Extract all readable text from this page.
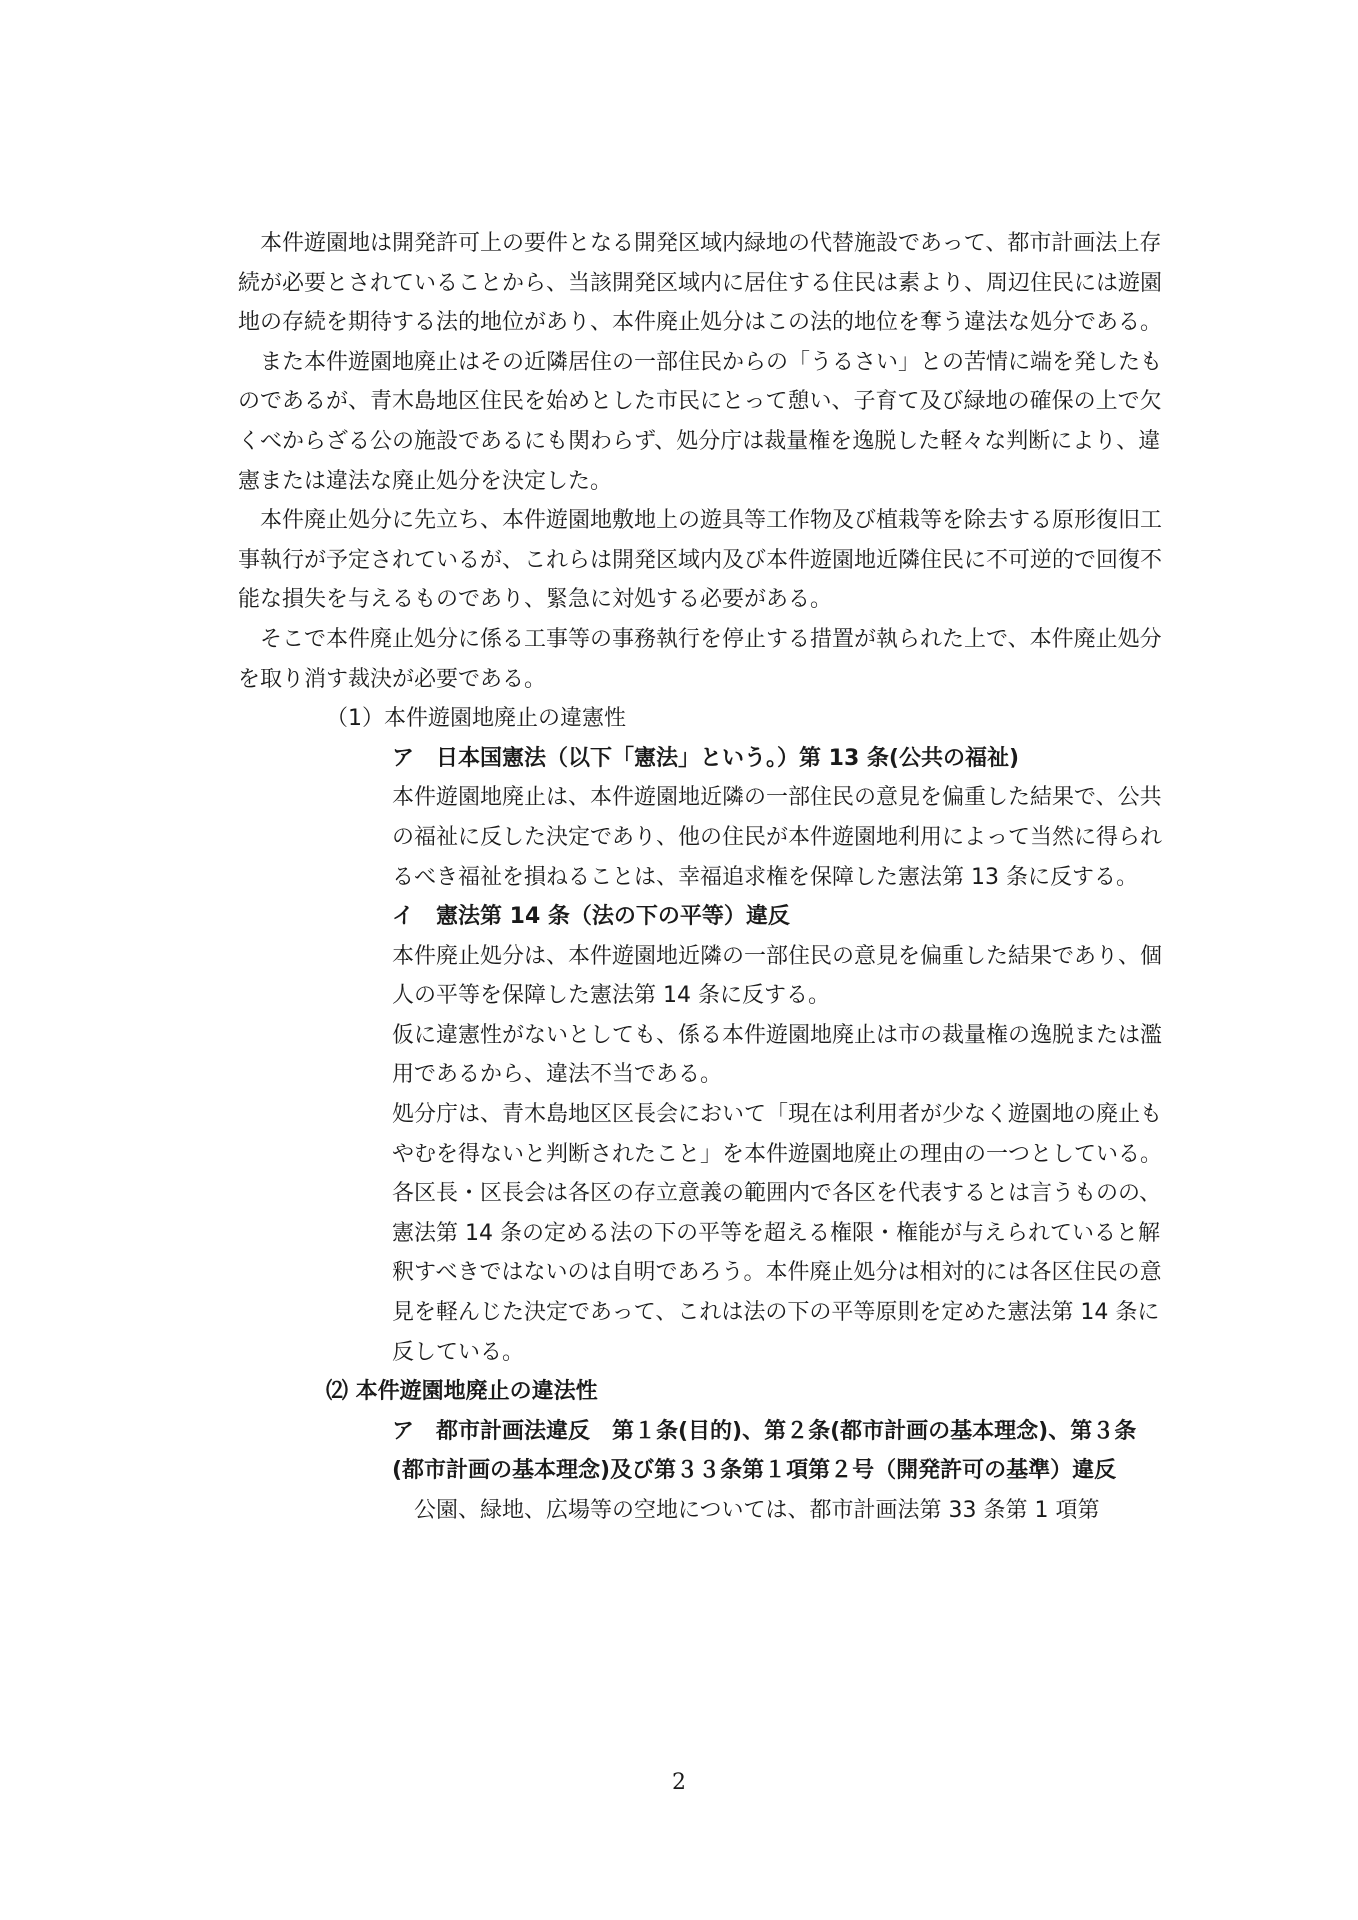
本件遊園地は開発許可上の要件となる開発区域内緑地の代替施設であって、都市計画法上存続が必要とされていることから、当該開発区域内に居住する住民は素より、周辺住民には遊園地の存続を期待する法的地位があり、本件廃止処分はこの法的地位を奪う違法な処分である。

また本件遊園地廃止はその近隣居住の一部住民からの「うるさい」との苦情に端を発したものであるが、青木島地区住民を始めとした市民にとって憩い、子育て及び緑地の確保の上で欠くべからざる公の施設であるにも関わらず、処分庁は裁量権を逸脱した軽々な判断により、違憲または違法な廃止処分を決定した。

本件廃止処分に先立ち、本件遊園地敷地上の遊具等工作物及び植栽等を除去する原形復旧工事執行が予定されているが、これらは開発区域内及び本件遊園地近隣住民に不可逆的で回復不能な損失を与えるものであり、緊急に対処する必要がある。

そこで本件廃止処分に係る工事等の事務執行を停止する措置が執られた上で、本件廃止処分を取り消す裁決が必要である。

（1）本件遊園地廃止の違憲性

ア　日本国憲法（以下「憲法」という。）第 13 条(公共の福祉)

本件遊園地廃止は、本件遊園地近隣の一部住民の意見を偏重した結果で、公共の福祉に反した決定であり、他の住民が本件遊園地利用によって当然に得られるべき福祉を損ねることは、幸福追求権を保障した憲法第 13 条に反する。

イ　憲法第 14 条（法の下の平等）違反

本件廃止処分は、本件遊園地近隣の一部住民の意見を偏重した結果であり、個人の平等を保障した憲法第 14 条に反する。

仮に違憲性がないとしても、係る本件遊園地廃止は市の裁量権の逸脱または濫用であるから、違法不当である。

処分庁は、青木島地区区長会において「現在は利用者が少なく遊園地の廃止もやむを得ないと判断されたこと」を本件遊園地廃止の理由の一つとしている。各区長・区長会は各区の存立意義の範囲内で各区を代表するとは言うものの、憲法第 14 条の定める法の下の平等を超える権限・権能が与えられていると解釈すべきではないのは自明であろう。本件廃止処分は相対的には各区住民の意見を軽んじた決定であって、これは法の下の平等原則を定めた憲法第 14 条に反している。

⑵ 本件遊園地廃止の違法性

ア　都市計画法違反　第１条(目的)、第２条(都市計画の基本理念)、第３条(都市計画の基本理念)及び第３３条第１項第２号（開発許可の基準）違反

公園、緑地、広場等の空地については、都市計画法第 33 条第 1 項第

2
